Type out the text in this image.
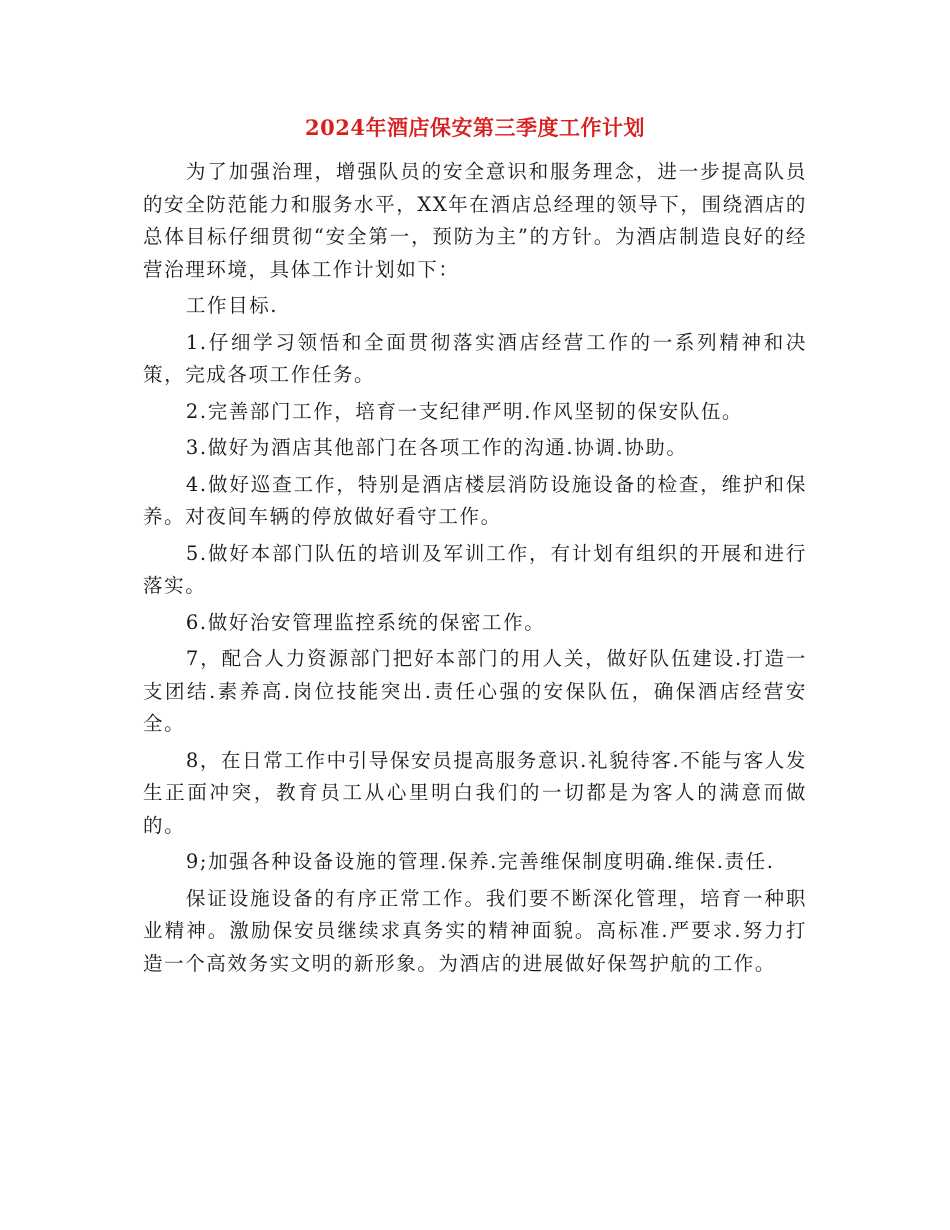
2024年酒店保安第三季度工作计划

为了加强治理，增强队员的安全意识和服务理念，进一步提高队员的安全防范能力和服务水平，XX年在酒店总经理的领导下，围绕酒店的总体目标仔细贯彻“安全第一，预防为主”的方针。为酒店制造良好的经营治理环境，具体工作计划如下：

工作目标.

1.仔细学习领悟和全面贯彻落实酒店经营工作的一系列精神和决策，完成各项工作任务。

2.完善部门工作，培育一支纪律严明.作风坚韧的保安队伍。

3.做好为酒店其他部门在各项工作的沟通.协调.协助。

4.做好巡查工作，特别是酒店楼层消防设施设备的检查，维护和保养。对夜间车辆的停放做好看守工作。

5.做好本部门队伍的培训及军训工作，有计划有组织的开展和进行落实。

6.做好治安管理监控系统的保密工作。

7，配合人力资源部门把好本部门的用人关，做好队伍建设.打造一支团结.素养高.岗位技能突出.责任心强的安保队伍，确保酒店经营安全。

8，在日常工作中引导保安员提高服务意识.礼貌待客.不能与客人发生正面冲突，教育员工从心里明白我们的一切都是为客人的满意而做的。

9;加强各种设备设施的管理.保养.完善维保制度明确.维保.责任.

保证设施设备的有序正常工作。我们要不断深化管理，培育一种职业精神。激励保安员继续求真务实的精神面貌。高标准.严要求.努力打造一个高效务实文明的新形象。为酒店的进展做好保驾护航的工作。
